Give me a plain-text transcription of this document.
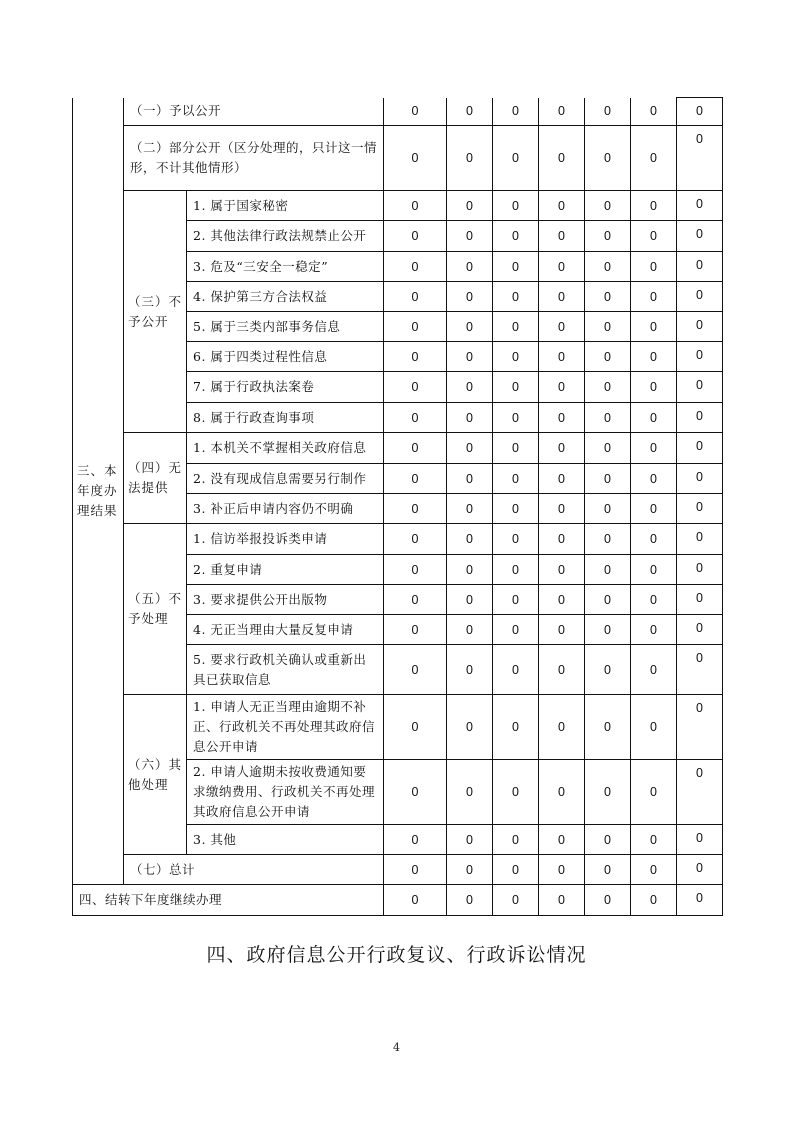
三、本年度办理结果	（一）予以公开		0	0	0	0	0	0	0
	（二）部分公开（区分处理的，只计这一情形，不计其他情形）		0	0	0	0	0	0	0
	（三）不予公开	1. 属于国家秘密	0	0	0	0	0	0	0
		2. 其他法律行政法规禁止公开	0	0	0	0	0	0	0
		3. 危及“三安全一稳定”	0	0	0	0	0	0	0
		4. 保护第三方合法权益	0	0	0	0	0	0	0
		5. 属于三类内部事务信息	0	0	0	0	0	0	0
		6. 属于四类过程性信息	0	0	0	0	0	0	0
		7. 属于行政执法案卷	0	0	0	0	0	0	0
		8. 属于行政查询事项	0	0	0	0	0	0	0
	（四）无法提供	1. 本机关不掌握相关政府信息	0	0	0	0	0	0	0
		2. 没有现成信息需要另行制作	0	0	0	0	0	0	0
		3. 补正后申请内容仍不明确	0	0	0	0	0	0	0
	（五）不予处理	1. 信访举报投诉类申请	0	0	0	0	0	0	0
		2. 重复申请	0	0	0	0	0	0	0
		3. 要求提供公开出版物	0	0	0	0	0	0	0
		4. 无正当理由大量反复申请	0	0	0	0	0	0	0
		5. 要求行政机关确认或重新出具已获取信息	0	0	0	0	0	0	0
	（六）其他处理	1. 申请人无正当理由逾期不补正、行政机关不再处理其政府信息公开申请	0	0	0	0	0	0	0
		2. 申请人逾期未按收费通知要求缴纳费用、行政机关不再处理其政府信息公开申请	0	0	0	0	0	0	0
		3. 其他	0	0	0	0	0	0	0
	（七）总计		0	0	0	0	0	0	0
四、结转下年度继续办理			0	0	0	0	0	0	0
四、政府信息公开行政复议、行政诉讼情况
4
